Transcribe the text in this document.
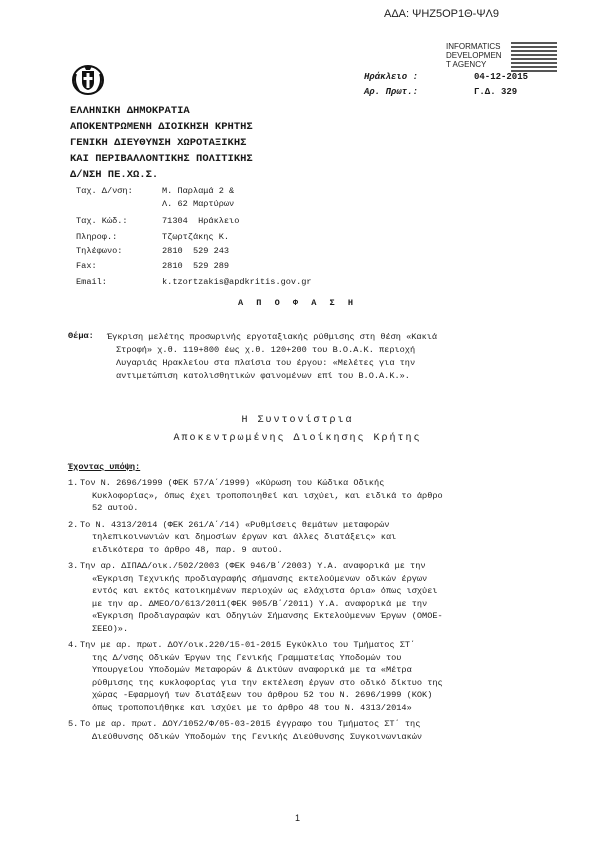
ΑΔΑ: ΨΗΖ5ΟΡ1Θ-ΨΛ9
INFORMATICS
DEVELOPMEN
T AGENCY
Ηράκλειο :	04-12-2015
Αρ. Πρωτ.:	Γ.Δ. 329
ΕΛΛΗΝΙΚΗ ΔΗΜΟΚΡΑΤΙΑ
ΑΠΟΚΕΝΤΡΩΜΕΝΗ ΔΙΟΙΚΗΣΗ ΚΡΗΤΗΣ
ΓΕΝΙΚΗ ΔΙΕΥΘΥΝΣΗ ΧΩΡΟΤΑΞΙΚΗΣ
ΚΑΙ ΠΕΡΙΒΑΛΛΟΝΤΙΚΗΣ ΠΟΛΙΤΙΚΗΣ
Δ/ΝΣΗ ΠΕ.ΧΩ.Σ.
Ταχ. Δ/νση:	Μ. Παρλαμά 2 &
Λ. 62 Μαρτύρων
Ταχ. Κώδ.:	71304  Ηράκλειο
Πληροφ.:	Τζωρτζάκης Κ.
Τηλέφωνο:	2810  529 243
Fax:	2810  529 289
Email:	k.tzortzakis@apdkritis.gov.gr
Α Π Ο Φ Α Σ Η
Θέμα: Έγκριση μελέτης προσωρινής εργοταξιακής ρύθμισης στη θέση «Κακιά
Στροφή» χ.θ. 119+800 έως χ.θ. 120+200 του Β.Ο.Α.Κ. περιοχή
Λυγαριάς Ηρακλείου στα πλαίσια του έργου: «Μελέτες για την
αντιμετώπιση κατολισθητικών φαινομένων επί του Β.Ο.Α.Κ.».
Η Συντονίστρια
Αποκεντρωμένης Διοίκησης Κρήτης
Έχοντας υπόψη:
1. Τον Ν. 2696/1999 (ΦΕΚ 57/Α΄/1999) «Κύρωση του Κώδικα Οδικής
Κυκλοφορίας», όπως έχει τροποποιηθεί και ισχύει, και ειδικά το άρθρο
52 αυτού.
2. Το Ν. 4313/2014 (ΦΕΚ 261/Α΄/14) «Ρυθμίσεις θεμάτων μεταφορών
τηλεπικοινωνιών και δημοσίων έργων και άλλες διατάξεις» και
ειδικότερα το άρθρο 48, παρ. 9 αυτού.
3. Την αρ. ΔΙΠΑΔ/οικ./502/2003 (ΦΕΚ 946/Β΄/2003) Υ.Α. αναφορικά με την
«Έγκριση Τεχνικής προδιαγραφής σήμανσης εκτελούμενων οδικών έργων
εντός και εκτός κατοικημένων περιοχών ως ελάχιστα όρια» όπως ισχύει
με την αρ. ΔΜΕΟ/Ο/613/2011(ΦΕΚ 905/Β΄/2011) Υ.Α. αναφορικά με την
«Έγκριση Προδιαγραφών και Οδηγιών Σήμανσης Εκτελούμενων Έργων (ΟΜΟΕ-
ΣΕΕΟ)».
4. Την με αρ. πρωτ. ΔΟΥ/οικ.220/15-01-2015 Εγκύκλιο του Τμήματος ΣΤ΄
της Δ/νσης Οδικών Έργων της Γενικής Γραμματείας Υποδομών του
Υπουργείου Υποδομών Μεταφορών & Δικτύων αναφορικά με τα «Μέτρα
ρύθμισης της κυκλοφορίας για την εκτέλεση έργων στο οδικό δίκτυο της
χώρας -Εφαρμογή των διατάξεων του άρθρου 52 του Ν. 2696/1999 (ΚΟΚ)
όπως τροποποιήθηκε και ισχύει με το άρθρο 48 του Ν. 4313/2014»
5. Το με αρ. πρωτ. ΔΟΥ/1052/Φ/05-03-2015 έγγραφο του Τμήματος ΣΤ΄ της
Διεύθυνσης Οδικών Υποδομών της Γενικής Διεύθυνσης Συγκοινωνιακών
1
